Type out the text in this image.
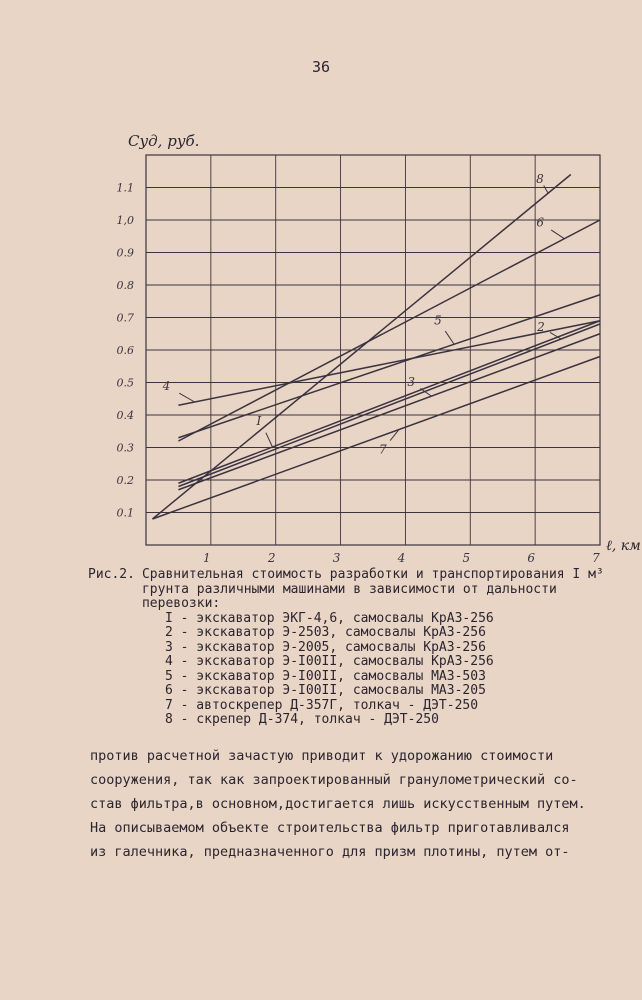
36
Cуд, руб.
ℓ, км
1	2	3	4	5	6	7
0.1
0.2
0.3
0.4
0.5
0.6
0.7
0.8
0.9
1,0
1.1
I
2
3
4
5
6
7
8
Рис.2. Сравнительная стоимость разработки и транспортирования I м³ грунта различными машинами в зависимости от дальности перевозки:
I - экскаватор ЭКГ-4,6, самосвалы КрАЗ-256
2 - экскаватор Э-2503, самосвалы КрАЗ-256
3 - экскаватор Э-2005, самосвалы КрАЗ-256
4 - экскаватор Э-I00II, самосвалы КрАЗ-256
5 - экскаватор Э-I00II, самосвалы МАЗ-503
6 - экскаватор Э-I00II, самосвалы МАЗ-205
7 - автоскрепер Д-357Г, толкач - ДЭТ-250
8 - скрепер Д-374, толкач - ДЭТ-250

против расчетной зачастую приводит к удорожанию стоимости

сооружения, так как запроектированный гранулометрический со-

став фильтра,в основном,достигается лишь искусственным путем.

На описываемом объекте строительства фильтр приготавливался

из галечника, предназначенного для призм плотины, путем от-
